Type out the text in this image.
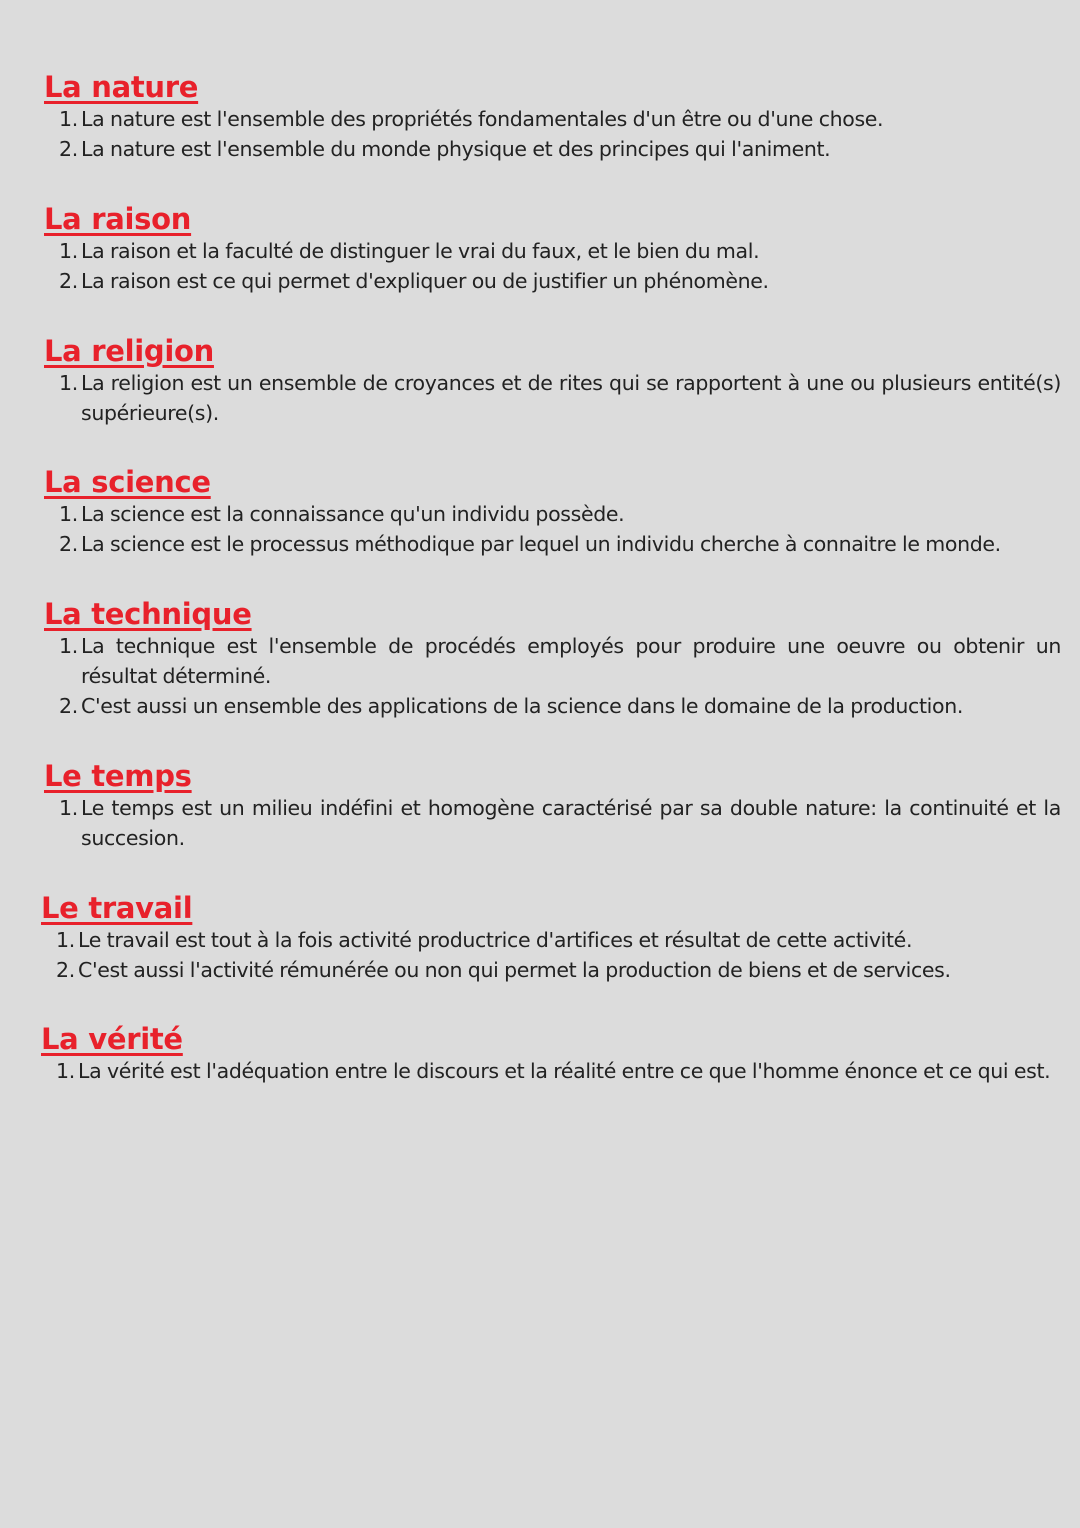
La nature
1. La nature est l'ensemble des propriétés fondamentales d'un être ou d'une chose.
2. La nature est l'ensemble du monde physique et des principes qui l'animent.
La raison
1. La raison et la faculté de distinguer le vrai du faux, et le bien du mal.
2. La raison est ce qui permet d'expliquer ou de justifier un phénomène.
La religion
1. La religion est un ensemble de croyances et de rites qui se rapportent à une ou plusieurs entité(s) supérieure(s).
La science
1. La science est la connaissance qu'un individu possède.
2. La science est le processus méthodique par lequel un individu cherche à connaitre le monde.
La technique
1. La technique est l'ensemble de procédés employés pour produire une oeuvre ou obtenir un résultat déterminé.
2. C'est aussi un ensemble des applications de la science dans le domaine de la production.
Le temps
1. Le temps est un milieu indéfini et homogène caractérisé par sa double nature: la continuité et la succesion.
Le travail
1. Le travail est tout à la fois activité productrice d'artifices et résultat de cette activité.
2. C'est aussi l'activité rémunérée ou non qui permet la production de biens et de services.
La vérité
1. La vérité est l'adéquation entre le discours et la réalité entre ce que l'homme énonce et ce qui est.
